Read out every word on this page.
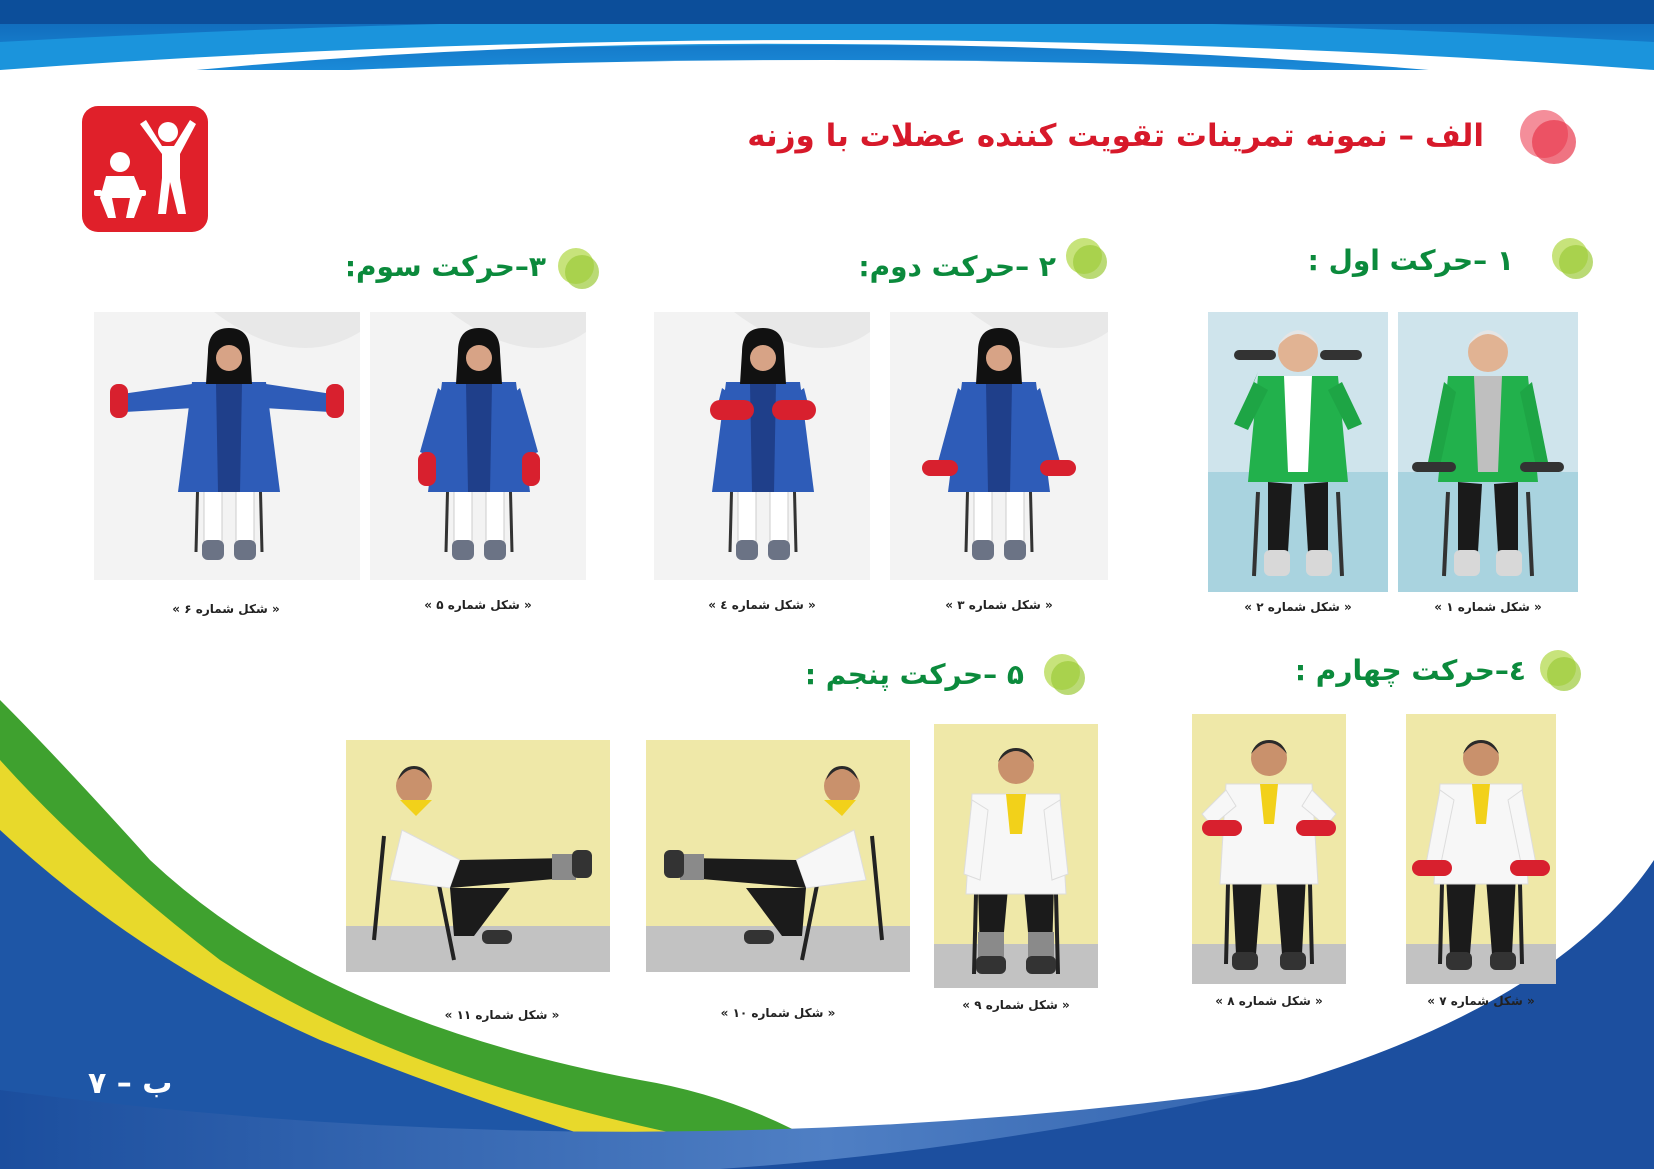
الف – نمونه تمرینات تقویت کننده عضلات با وزنه
۱ –حرکت اول :
۲ –حرکت دوم:
۳–حرکت سوم:
٤–حرکت چهارم :
۵ –حرکت پنجم :
« شکل شماره ۱ »
« شکل شماره ۲ »
« شکل شماره ۳ »
« شکل شماره ٤ »
« شکل شماره ۵ »
« شکل شماره ۶ »
« شکل شماره ۷ »
« شکل شماره ۸ »
« شکل شماره ۹ »
« شکل شماره ۱۰ »
« شکل شماره ۱۱ »
ب – ۷
